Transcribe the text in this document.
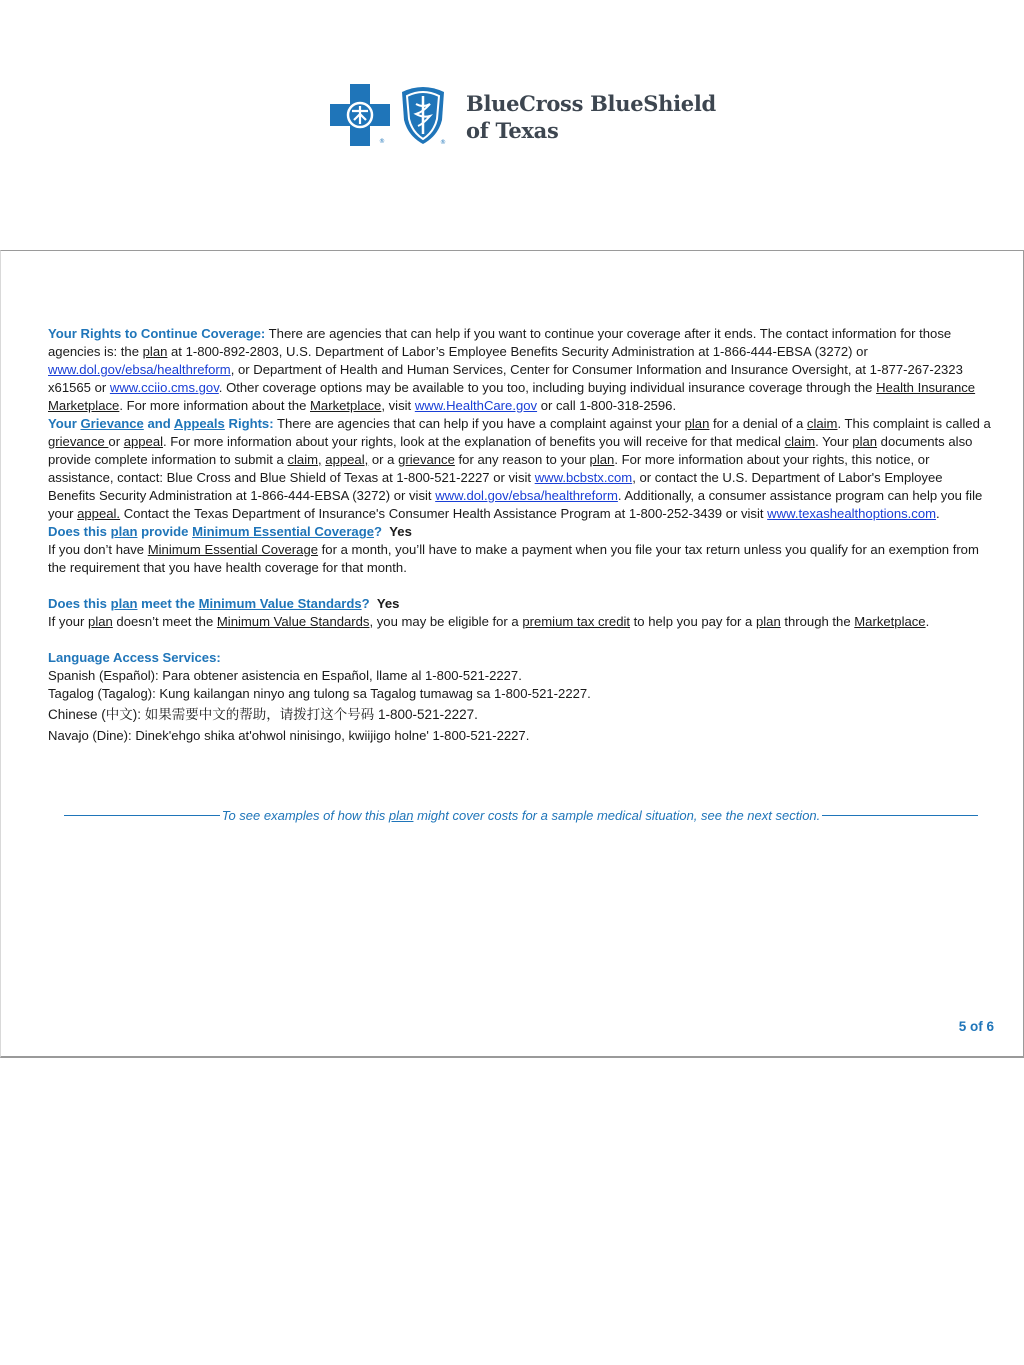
®	®
BlueCross BlueShield
of Texas

Your Rights to Continue Coverage: There are agencies that can help if you want to continue your coverage after it ends. The contact information for those agencies is: the plan at 1-800-892-2803, U.S. Department of Labor’s Employee Benefits Security Administration at 1-866-444-EBSA (3272) or www.dol.gov/ebsa/healthreform, or Department of Health and Human Services, Center for Consumer Information and Insurance Oversight, at 1-877-267-2323 x61565 or www.cciio.cms.gov. Other coverage options may be available to you too, including buying individual insurance coverage through the Health Insurance Marketplace. For more information about the Marketplace, visit www.HealthCare.gov or call 1-800-318-2596.

Your Grievance and Appeals Rights: There are agencies that can help if you have a complaint against your plan for a denial of a claim. This complaint is called a grievance or appeal. For more information about your rights, look at the explanation of benefits you will receive for that medical claim. Your plan documents also provide complete information to submit a claim, appeal, or a grievance for any reason to your plan. For more information about your rights, this notice, or assistance, contact: Blue Cross and Blue Shield of Texas at 1-800-521-2227 or visit www.bcbstx.com, or contact the U.S. Department of Labor's Employee Benefits Security Administration at 1-866-444-EBSA (3272) or visit www.dol.gov/ebsa/healthreform. Additionally, a consumer assistance program can help you file your appeal. Contact the Texas Department of Insurance's Consumer Health Assistance Program at 1-800-252-3439 or visit www.texashealthoptions.com.

Does this plan provide Minimum Essential Coverage? Yes

If you don’t have Minimum Essential Coverage for a month, you’ll have to make a payment when you file your tax return unless you qualify for an exemption from the requirement that you have health coverage for that month.

Does this plan meet the Minimum Value Standards? Yes

If your plan doesn’t meet the Minimum Value Standards, you may be eligible for a premium tax credit to help you pay for a plan through the Marketplace.

Language Access Services:

Spanish (Español): Para obtener asistencia en Español, llame al 1-800-521-2227.

Tagalog (Tagalog): Kung kailangan ninyo ang tulong sa Tagalog tumawag sa 1-800-521-2227.

Chinese (中文): 如果需要中文的帮助，请拨打这个号码 1-800-521-2227.

Navajo (Dine): Dinek'ehgo shika at'ohwol ninisingo, kwiijigo holne' 1-800-521-2227.

To see examples of how this plan might cover costs for a sample medical situation, see the next section.
5 of 6
